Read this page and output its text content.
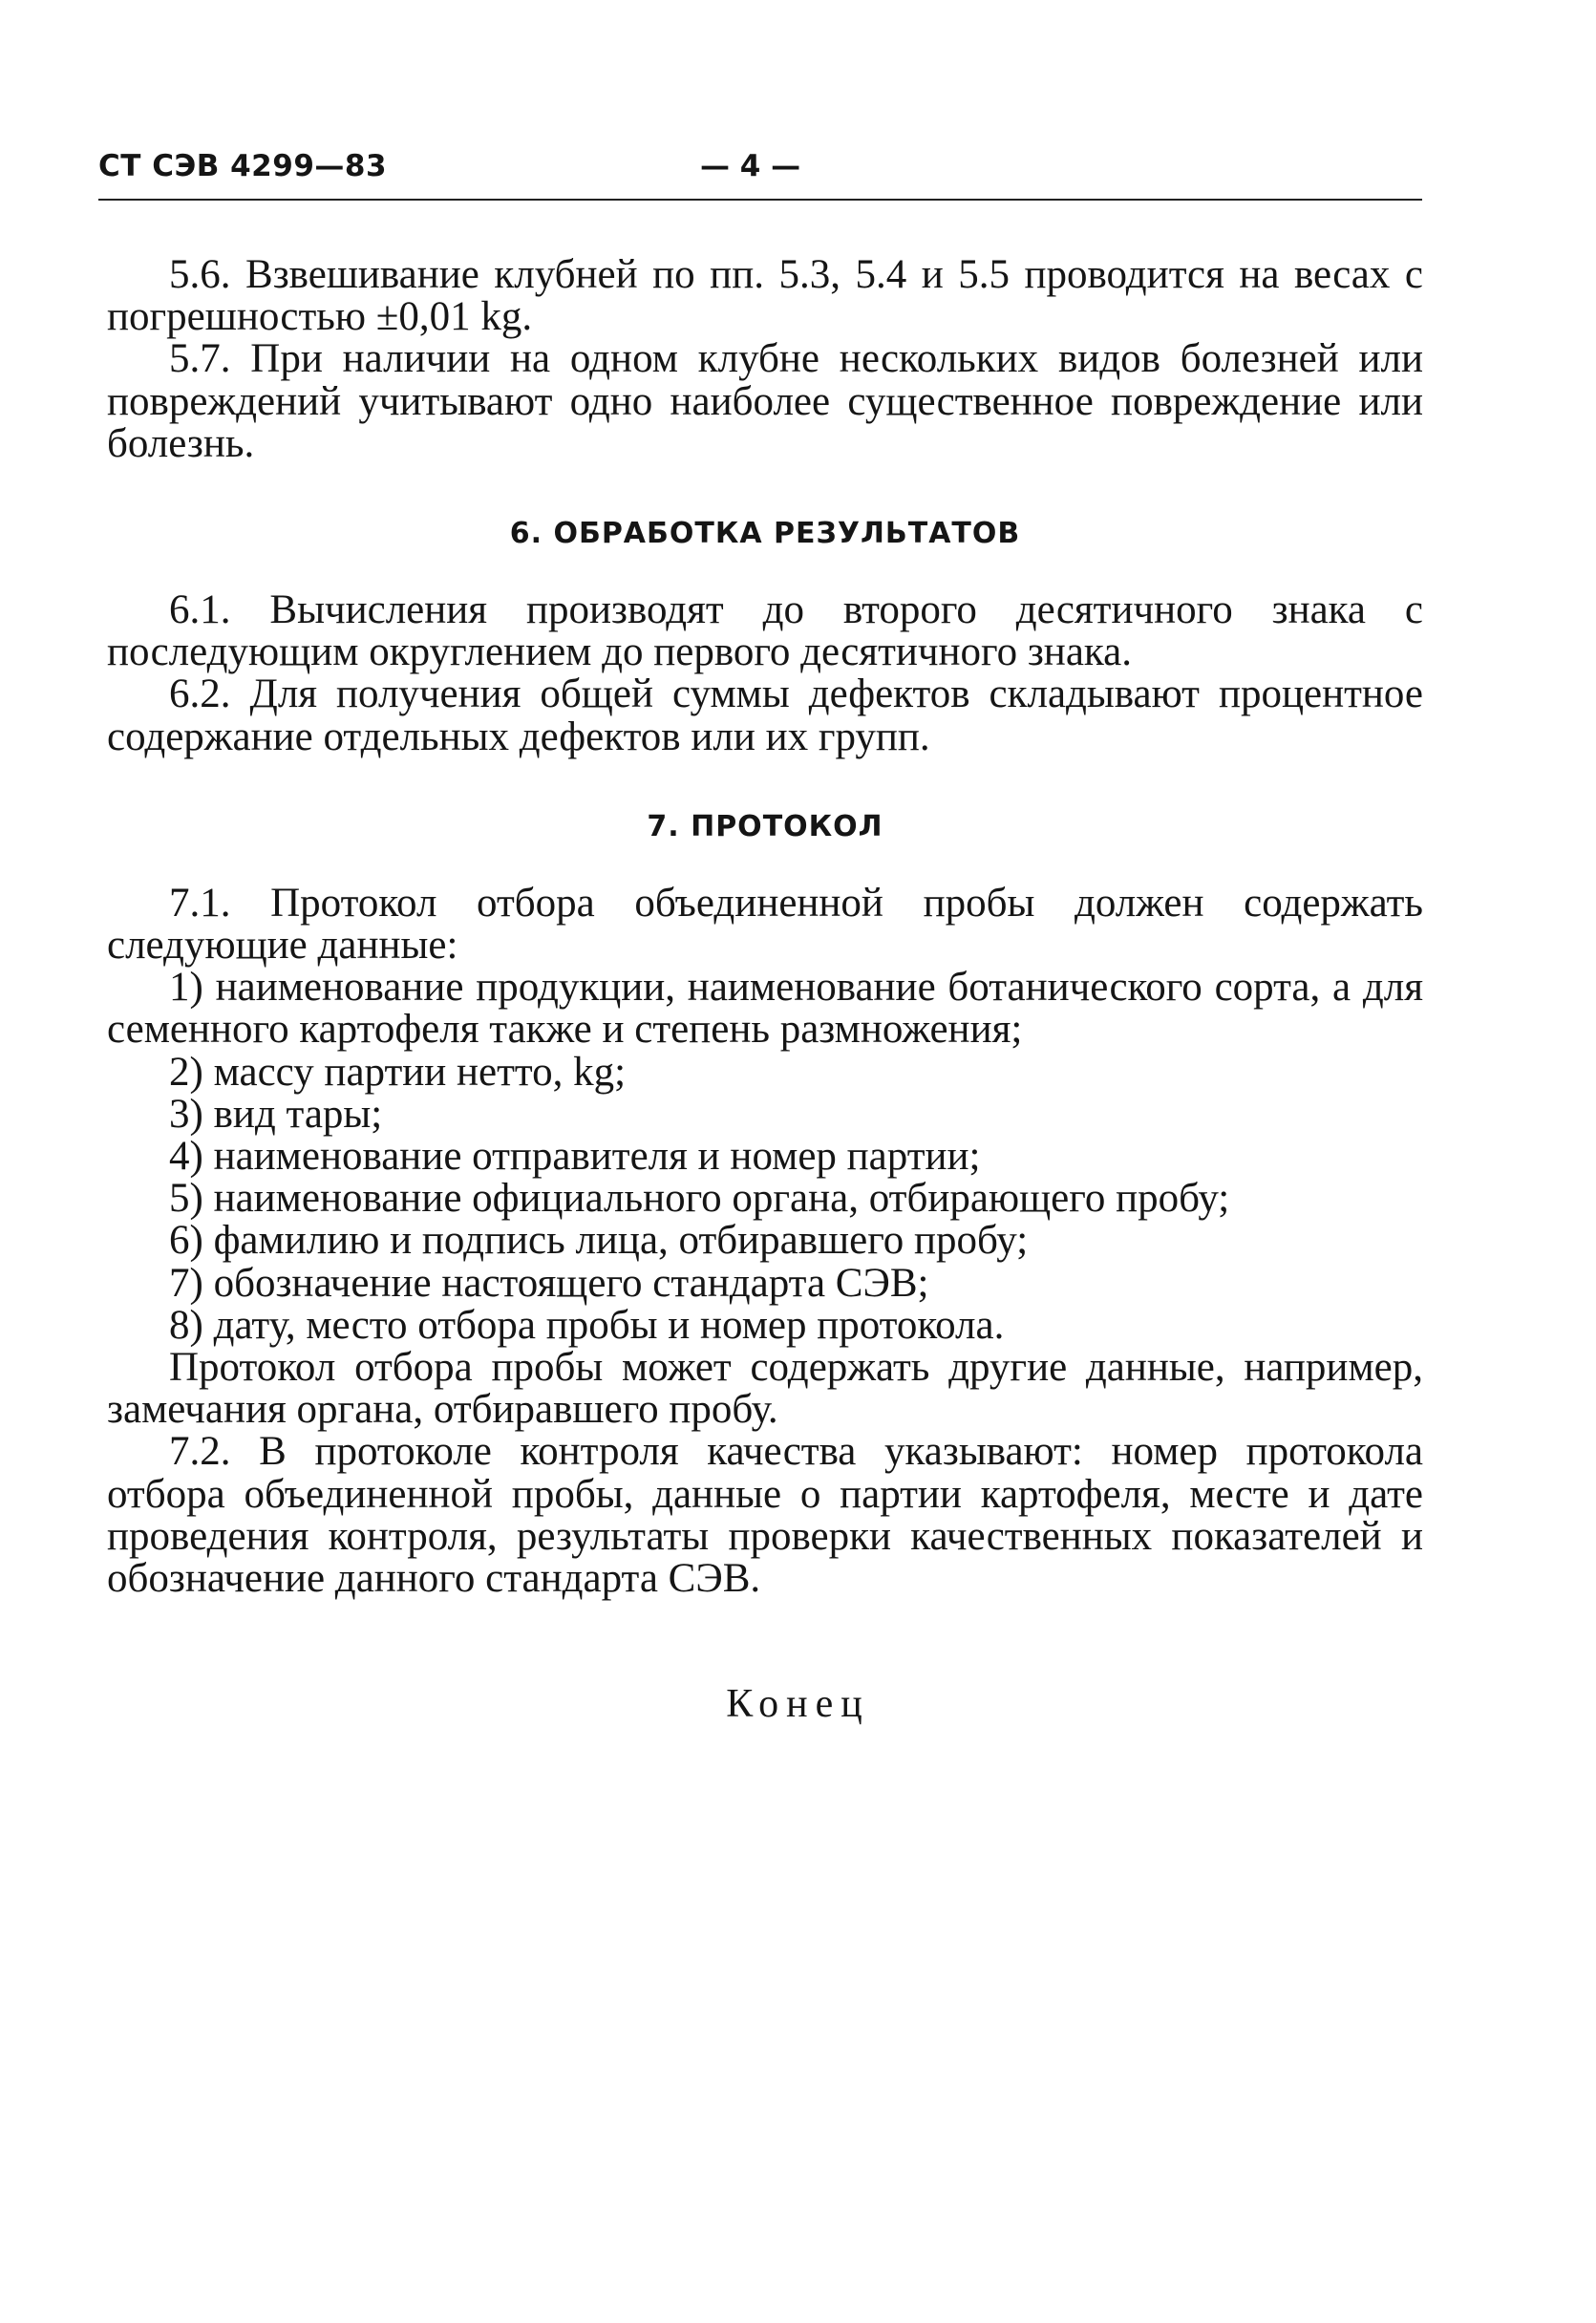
СТ СЭВ 4299—83	— 4 —

5.6. Взвешивание клубней по пп. 5.3, 5.4 и 5.5 проводится на весах с погрешностью ±0,01 kg.

5.7. При наличии на одном клубне нескольких видов болезней или повреждений учитывают одно наиболее существенное повреждение или болезнь.

6. ОБРАБОТКА РЕЗУЛЬТАТОВ

6.1. Вычисления производят до второго десятичного знака с последующим округлением до первого десятичного знака.

6.2. Для получения общей суммы дефектов складывают процентное содержание отдельных дефектов или их групп.

7. ПРОТОКОЛ

7.1. Протокол отбора объединенной пробы должен содержать следующие данные:

1) наименование продукции, наименование ботанического сорта, а для семенного картофеля также и степень размножения;

2) массу партии нетто, kg;

3) вид тары;

4) наименование отправителя и номер партии;

5) наименование официального органа, отбирающего пробу;

6) фамилию и подпись лица, отбиравшего пробу;

7) обозначение настоящего стандарта СЭВ;

8) дату, место отбора пробы и номер протокола.

Протокол отбора пробы может содержать другие данные, например, замечания органа, отбиравшего пробу.

7.2. В протоколе контроля качества указывают: номер протокола отбора объединенной пробы, данные о партии картофеля, месте и дате проведения контроля, результаты проверки качественных показателей и обозначение данного стандарта СЭВ.

Конец
